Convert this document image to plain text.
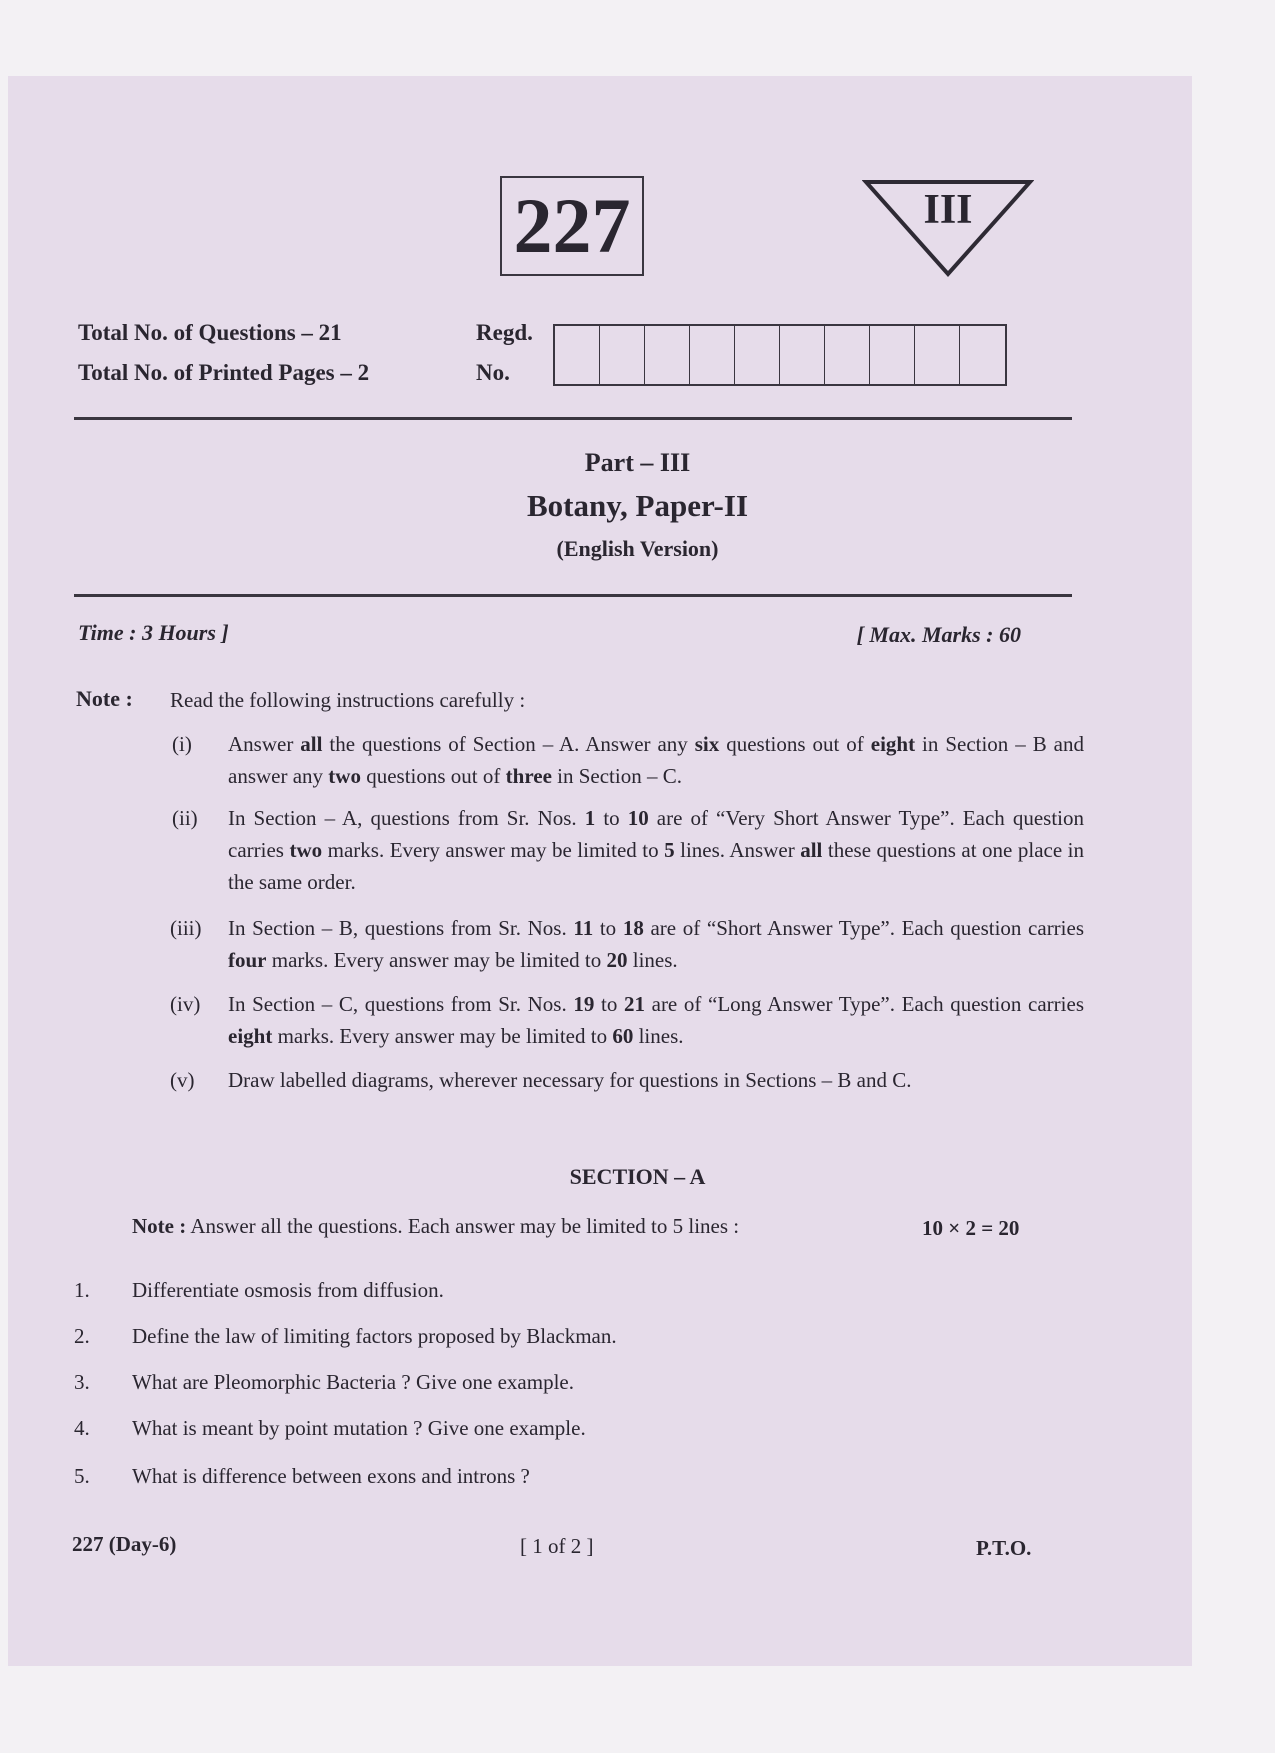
227	III
Total No. of Questions – 21
Total No. of Printed Pages – 2
Regd.
No.
Part – III
Botany, Paper-II
(English Version)
Time : 3 Hours ]	[ Max. Marks : 60
Note : Read the following instructions carefully :
(i) Answer all the questions of Section – A. Answer any six questions out of eight in Section – B and answer any two questions out of three in Section – C.
(ii) In Section – A, questions from Sr. Nos. 1 to 10 are of “Very Short Answer Type”. Each question carries two marks. Every answer may be limited to 5 lines. Answer all these questions at one place in the same order.
(iii) In Section – B, questions from Sr. Nos. 11 to 18 are of “Short Answer Type”. Each question carries four marks. Every answer may be limited to 20 lines.
(iv) In Section – C, questions from Sr. Nos. 19 to 21 are of “Long Answer Type”. Each question carries eight marks. Every answer may be limited to 60 lines.
(v) Draw labelled diagrams, wherever necessary for questions in Sections – B and C.
SECTION – A
Note : Answer all the questions. Each answer may be limited to 5 lines :	10 × 2 = 20
1. Differentiate osmosis from diffusion.
2. Define the law of limiting factors proposed by Blackman.
3. What are Pleomorphic Bacteria ? Give one example.
4. What is meant by point mutation ? Give one example.
5. What is difference between exons and introns ?
227 (Day-6)	[ 1 of 2 ]	P.T.O.
